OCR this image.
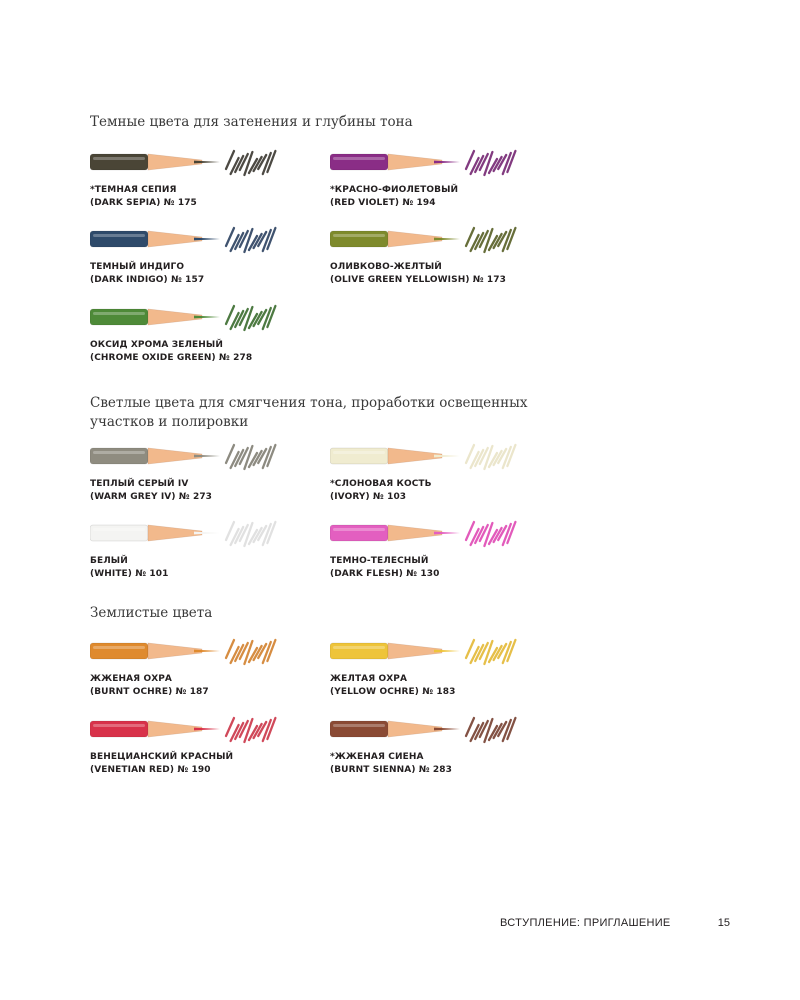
Темные цвета для затенения и глубины тона
Светлые цвета для смягчения тона, проработки освещенных участков и полировки
Землистые цвета

*ТЕМНАЯ СЕПИЯ
(DARK SEPIA) № 175

*КРАСНО-ФИОЛЕТОВЫЙ
(RED VIOLET) № 194

ТЕМНЫЙ ИНДИГО
(DARK INDIGO) № 157

ОЛИВКОВО-ЖЕЛТЫЙ
(OLIVE GREEN YELLOWISH) № 173

ОКСИД ХРОМА ЗЕЛЕНЫЙ
(CHROME OXIDE GREEN) № 278

ТЕПЛЫЙ СЕРЫЙ IV
(WARM GREY IV) № 273

*СЛОНОВАЯ КОСТЬ
(IVORY) № 103

БЕЛЫЙ
(WHITE) № 101

ТЕМНО-ТЕЛЕСНЫЙ
(DARK FLESH) № 130

ЖЖЕНАЯ ОХРА
(BURNT OCHRE) № 187

ЖЕЛТАЯ ОХРА
(YELLOW OCHRE) № 183

ВЕНЕЦИАНСКИЙ КРАСНЫЙ
(VENETIAN RED) № 190

*ЖЖЕНАЯ СИЕНА
(BURNT SIENNA) № 283

ВСТУПЛЕНИЕ: ПРИГЛАШЕНИЕ	15
